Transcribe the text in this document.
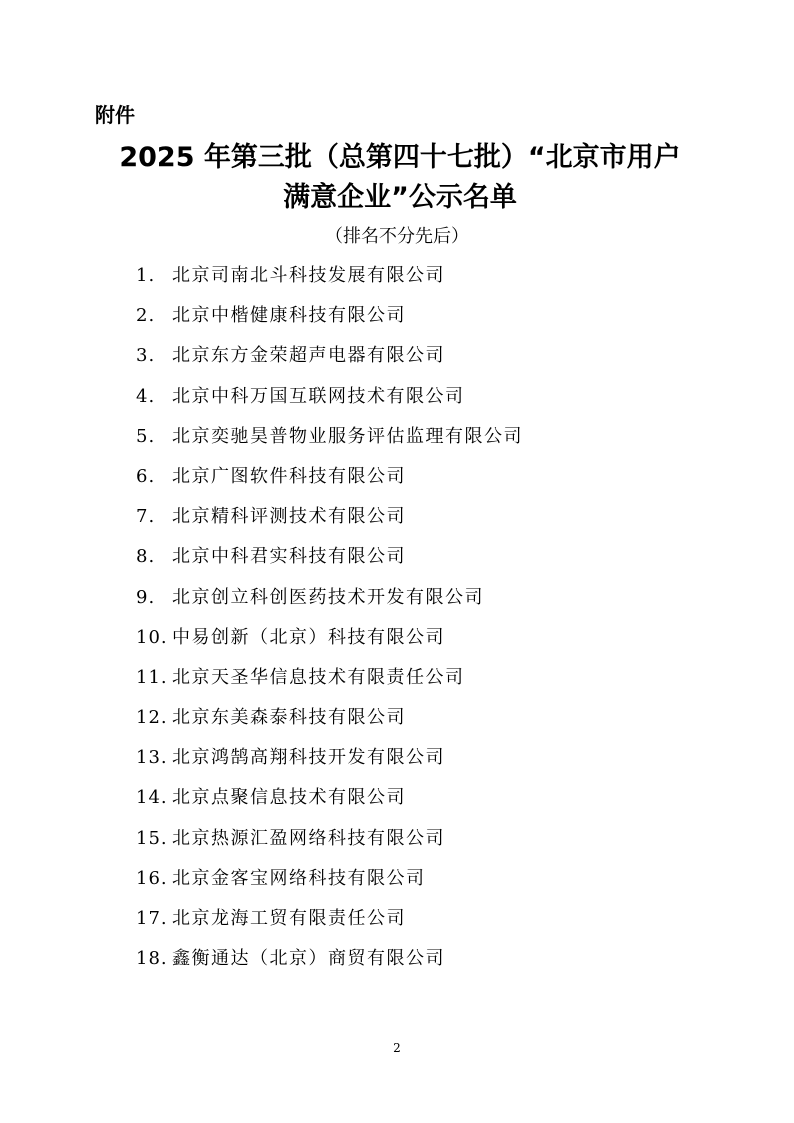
附件
2025 年第三批（总第四十七批）“北京市用户
满意企业”公示名单
（排名不分先后）
1. 北京司南北斗科技发展有限公司
2. 北京中楷健康科技有限公司
3. 北京东方金荣超声电器有限公司
4. 北京中科万国互联网技术有限公司
5. 北京奕驰昊普物业服务评估监理有限公司
6. 北京广图软件科技有限公司
7. 北京精科评测技术有限公司
8. 北京中科君实科技有限公司
9. 北京创立科创医药技术开发有限公司
10. 中易创新（北京）科技有限公司
11. 北京天圣华信息技术有限责任公司
12. 北京东美森泰科技有限公司
13. 北京鸿鹄高翔科技开发有限公司
14. 北京点聚信息技术有限公司
15. 北京热源汇盈网络科技有限公司
16. 北京金客宝网络科技有限公司
17. 北京龙海工贸有限责任公司
18. 鑫衡通达（北京）商贸有限公司
2
